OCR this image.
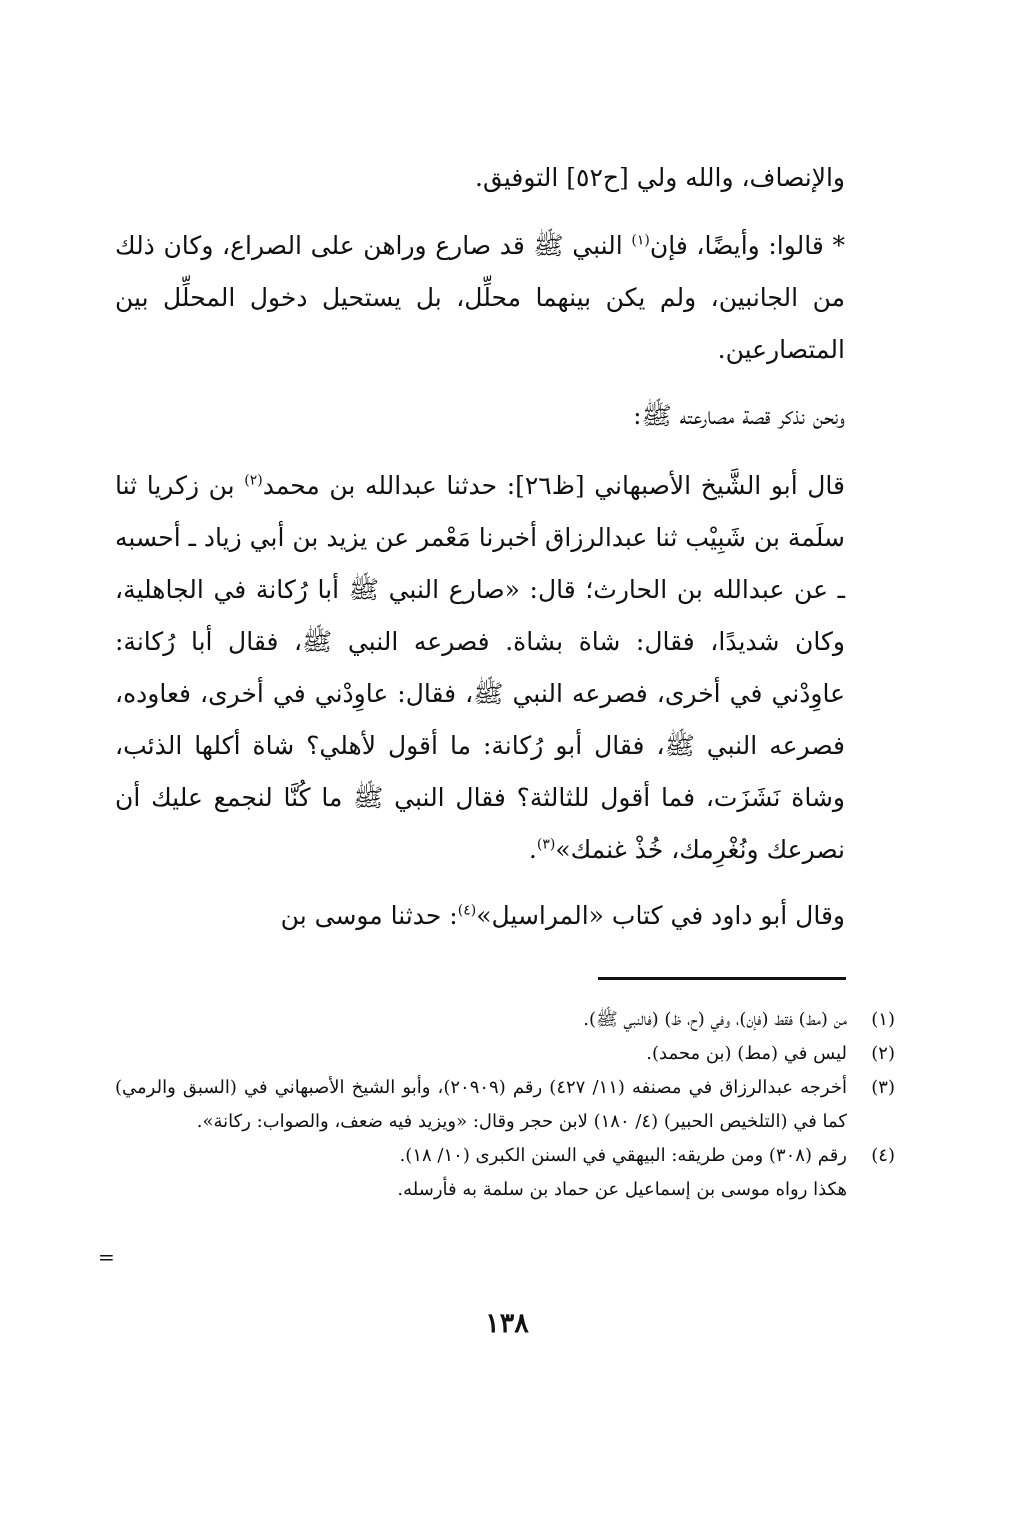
والإنصاف، والله ولي [ح٥٢] التوفيق.

* قالوا: وأيضًا، فإن$^{(١)}$ النبي ﷺ قد صارع وراهن على الصراع، وكان ذلك من الجانبين، ولم يكن بينهما محلِّل، بل يستحيل دخول المحلِّل بين المتصارعين.

ونحن نذكر قصة مصارعته ﷺ:

قال أبو الشَّيخ الأصبهاني [ظ٢٦]: حدثنا عبدالله بن محمد$^{(٢)}$ بن زكريا ثنا سلَمة بن شَبِيْب ثنا عبدالرزاق أخبرنا مَعْمر عن يزيد بن أبي زياد ـ أحسبه ـ عن عبدالله بن الحارث؛ قال: «صارع النبي ﷺ أبا رُكانة في الجاهلية، وكان شديدًا، فقال: شاة بشاة. فصرعه النبي ﷺ، فقال أبا رُكانة: عاوِدْني في أخرى، فصرعه النبي ﷺ، فقال: عاوِدْني في أخرى، فعاوده، فصرعه النبي ﷺ، فقال أبو رُكانة: ما أقول لأهلي؟ شاة أكلها الذئب، وشاة نَشَزَت، فما أقول للثالثة؟ فقال النبي ﷺ ما كُنَّا لنجمع عليك أن نصرعك ونُغْرِمك، خُذْ غنمك»$^{(٣)}$.

وقال أبو داود في كتاب «المراسيل»$^{(٤)}$: حدثنا موسى بن

(١)
من (مط) فقط (فإن)، وفي (ح، ظ) (فالنبي ﷺ).
(٢)
ليس في (مط) (بن محمد).
(٣)
أخرجه عبدالرزاق في مصنفه (١١/ ٤٢٧) رقم (٢٠٩٠٩)، وأبو الشيخ الأصبهاني في (السبق والرمي) كما في (التلخيص الحبير) (٤/ ١٨٠) لابن حجر وقال: «ويزيد فيه ضعف، والصواب: ركانة».
(٤)
رقم (٣٠٨) ومن طريقه: البيهقي في السنن الكبرى (١٠/ ١٨).
هكذا رواه موسى بن إسماعيل عن حماد بن سلمة به فأرسله.
=
١٣٨
